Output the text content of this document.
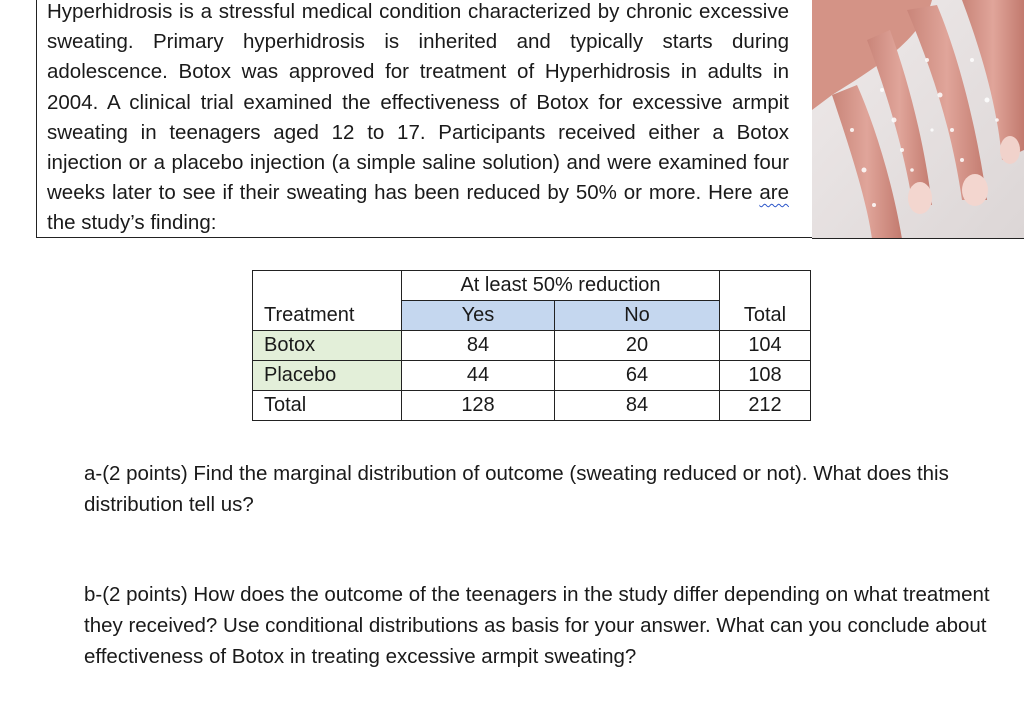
Hyperhidrosis is a stressful medical condition characterized by chronic excessive sweating. Primary hyperhidrosis is inherited and typically starts during adolescence. Botox was approved for treatment of Hyperhidrosis in adults in 2004. A clinical trial examined the effectiveness of Botox for excessive armpit sweating in teenagers aged 12 to 17. Participants received either a Botox injection or a placebo injection (a simple saline solution) and were examined four weeks later to see if their sweating has been reduced by 50% or more. Here are the study’s finding:

	At least 50% reduction		
Treatment	Yes	No	Total
Botox	84	20	104
Placebo	44	64	108
Total	128	84	212

a-(2 points) Find the marginal distribution of outcome (sweating reduced or not). What does this distribution tell us?

b-(2 points) How does the outcome of the teenagers in the study differ depending on what treatment they received? Use conditional distributions as basis for your answer. What can you conclude about effectiveness of Botox in treating excessive armpit sweating?
